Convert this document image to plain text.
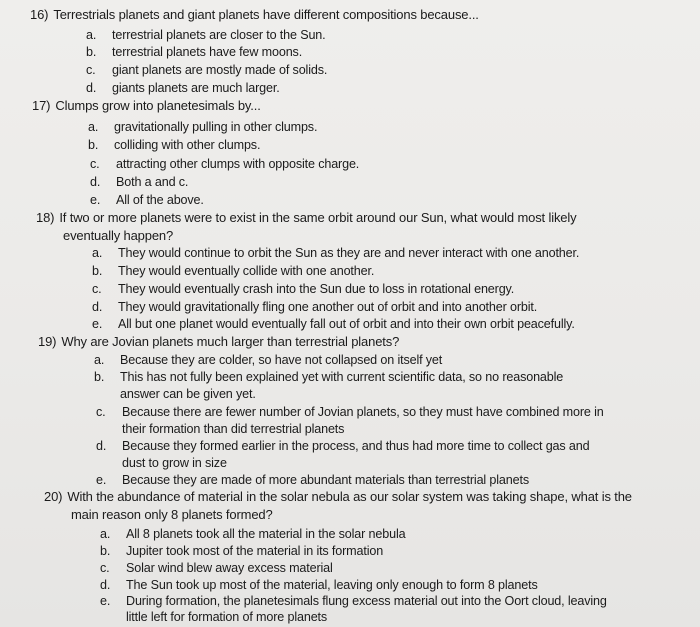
16) Terrestrials planets and giant planets have different compositions because...
a.	terrestrial planets are closer to the Sun.
b.	terrestrial planets have few moons.
c.	giant planets are mostly made of solids.
d.	giants planets are much larger.
17) Clumps grow into planetesimals by...
a.	gravitationally pulling in other clumps.
b.	colliding with other clumps.
c.	attracting other clumps with opposite charge.
d.	Both a and c.
e.	All of the above.
18) If two or more planets were to exist in the same orbit around our Sun, what would most likely
eventually happen?
a.	They would continue to orbit the Sun as they are and never interact with one another.
b.	They would eventually collide with one another.
c.	They would eventually crash into the Sun due to loss in rotational energy.
d.	They would gravitationally fling one another out of orbit and into another orbit.
e.	All but one planet would eventually fall out of orbit and into their own orbit peacefully.
19) Why are Jovian planets much larger than terrestrial planets?
a.	Because they are colder, so have not collapsed on itself yet
b.	This has not fully been explained yet with current scientific data, so no reasonable
answer can be given yet.
c.	Because there are fewer number of Jovian planets, so they must have combined more in
their formation than did terrestrial planets
d.	Because they formed earlier in the process, and thus had more time to collect gas and
dust to grow in size
e.	Because they are made of more abundant materials than terrestrial planets
20) With the abundance of material in the solar nebula as our solar system was taking shape, what is the
main reason only 8 planets formed?
a.	All 8 planets took all the material in the solar nebula
b.	Jupiter took most of the material in its formation
c.	Solar wind blew away excess material
d.	The Sun took up most of the material, leaving only enough to form 8 planets
e.	During formation, the planetesimals flung excess material out into the Oort cloud, leaving
little left for formation of more planets
